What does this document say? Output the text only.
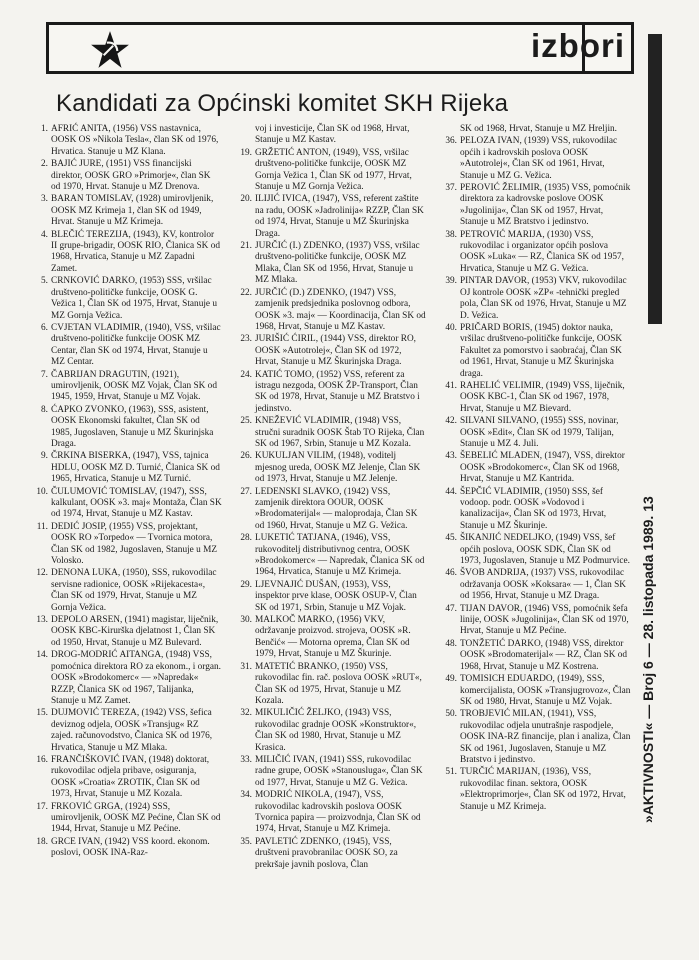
izbori
»AKTIVNOSTI« — Broj 6 — 28. listopada 1989. 13
Kandidati za Općinski komitet SKH Rijeka
1. AFRIĆ ANITA, (1956) VSS nastavnica, OOSK OS »Nikola Tesla«, član SK od 1976, Hrvatica. Stanuje u MZ Klana.
2. BAJIĆ JURE, (1951) VSS financijski direktor, OOSK GRO »Primorje«, član SK od 1970, Hrvat. Stanuje u MZ Drenova.
3. BARAN TOMISLAV, (1928) umirovljenik, OOSK MZ Krimeja 1, član SK od 1949, Hrvat. Stanuje u MZ Krimeja.
4. BLEČIĆ TEREZIJA, (1943), KV, kontrolor II grupe-brigadir, OOSK RIO, Članica SK od 1968, Hrvatica, Stanuje u MZ Zapadni Zamet.
5. CRNKOVIĆ DARKO, (1953) SSS, vršilac društveno-političke funkcije, OOSK G. Vežica 1, Član SK od 1975, Hrvat, Stanuje u MZ Gornja Vežica.
6. CVJETAN VLADIMIR, (1940), VSS, vršilac društveno-političke funkcije OOSK MZ Centar, član SK od 1974, Hrvat, Stanuje u MZ Centar.
7. ČABRIJAN DRAGUTIN, (1921), umirovljenik, OOSK MZ Vojak, Član SK od 1945, 1959, Hrvat, Stanuje u MZ Vojak.
8. ĆAPKO ZVONKO, (1963), SSS, asistent, OOSK Ekonomski fakultet, Član SK od 1985, Jugoslaven, Stanuje u MZ Škurinjska Draga.
9. ČRKINA BISERKA, (1947), VSS, tajnica HDLU, OOSK MZ D. Turnić, Članica SK od 1965, Hrvatica, Stanuje u MZ Turnić.
10. ČULUMOVIĆ TOMISLAV, (1947), SSS, kalkulant, OOSK »3. maj« Montaža, Član SK od 1974, Hrvat, Stanuje u MZ Kastav.
11. DEDIĆ JOSIP, (1955) VSS, projektant, OOSK RO »Torpedo« — Tvornica motora, Član SK od 1982, Jugoslaven, Stanuje u MZ Volosko.
12. DENONA LUKA, (1950), SSS, rukovodilac servisne radionice, OOSK »Rijekacesta«, Član SK od 1979, Hrvat, Stanuje u MZ Gornja Vežica.
13. DEPOLO ARSEN, (1941) magistar, liječnik, OOSK KBC-Kirurška djelatnost 1, Član SK od 1950, Hrvat, Stanuje u MZ Bulevard.
14. DROG-MODRIĆ AITANGA, (1948) VSS, pomoćnica direktora RO za ekonom., i organ. OOSK »Brodokomerc« — »Napredak« RZZP, Članica SK od 1967, Talijanka, Stanuje u MZ Zamet.
15. DUJMOVIĆ TEREZA, (1942) VSS, šefica deviznog odjela, OOSK »Transjug« RZ zajed. računovodstvo, Članica SK od 1976, Hrvatica, Stanuje u MZ Mlaka.
16. FRANČIŠKOVIĆ IVAN, (1948) doktorat, rukovodilac odjela pribave, osiguranja, OOSK »Croatia« ZROTIK, Član SK od 1973, Hrvat, Stanuje u MZ Kozala.
17. FRKOVIĆ GRGA, (1924) SSS, umirovljenik, OOSK MZ Pećine, Član SK od 1944, Hrvat, Stanuje u MZ Pećine.
18. GRCE IVAN, (1942) VSS koord. ekonom. poslovi, OOSK INA-Raz-
voj i investicije, Član SK od 1968, Hrvat, Stanuje u MZ Kastav.
19. GRŽETIĆ ANTON, (1949), VSS, vršilac društveno-političke funkcije, OOSK MZ Gornja Vežica 1, Član SK od 1977, Hrvat, Stanuje u MZ Gornja Vežica.
20. ILIJIĆ IVICA, (1947), VSS, referent zaštite na radu, OOSK »Jadrolinija« RZZP, Član SK od 1974, Hrvat, Stanuje u MZ Škurinjska Draga.
21. JURČIĆ (I.) ZDENKO, (1937) VSS, vršilac društveno-političke funkcije, OOSK MZ Mlaka, Član SK od 1956, Hrvat, Stanuje u MZ Mlaka.
22. JURČIĆ (D.) ZDENKO, (1947) VSS, zamjenik predsjednika poslovnog odbora, OOSK »3. maj« — Koordinacija, Član SK od 1968, Hrvat, Stanuje u MZ Kastav.
23. JURIŠIĆ ĆIRIL, (1944) VSS, direktor RO, OOSK »Autotrolej«, Član SK od 1972, Hrvat, Stanuje u MZ Škurinjska Draga.
24. KATIĆ TOMO, (1952) VSS, referent za istragu nezgoda, OOSK ŽP-Transport, Član SK od 1978, Hrvat, Stanuje u MZ Bratstvo i jedinstvo.
25. KNEŽEVIĆ VLADIMIR, (1948) VSS, stručni suradnik OOSK Štab TO Rijeka, Član SK od 1967, Srbin, Stanuje u MZ Kozala.
26. KUKULJAN VILIM, (1948), voditelj mjesnog ureda, OOSK MZ Jelenje, Član SK od 1973, Hrvat, Stanuje u MZ Jelenje.
27. LEDENSKI SLAVKO, (1942) VSS, zamjenik direktora OOUR, OOSK »Brodomaterijal« — maloprodaja, Član SK od 1960, Hrvat, Stanuje u MZ G. Vežica.
28. LUKETIĆ TATJANA, (1946), VSS, rukovoditelj distributivnog centra, OOSK »Brodokomerc« — Napredak, Članica SK od 1964, Hrvatica, Stanuje u MZ Krimeja.
29. LJEVNAJIĆ DUŠAN, (1953), VSS, inspektor prve klase, OOSK OSUP-V, Član SK od 1971, Srbin, Stanuje u MZ Vojak.
30. MALKOČ MARKO, (1956) VKV, održavanje proizvod. strojeva, OOSK »R. Benčić« — Motorna oprema, Član SK od 1979, Hrvat, Stanuje u MZ Škurinje.
31. MATETIĆ BRANKO, (1950) VSS, rukovodilac fin. rač. poslova OOSK »RUT«, Član SK od 1975, Hrvat, Stanuje u MZ Kozala.
32. MIKULIČIĆ ŽELJKO, (1943) VSS, rukovodilac gradnje OOSK »Konstruktor«, Član SK od 1980, Hrvat, Stanuje u MZ Krasica.
33. MILIČIĆ IVAN, (1941) SSS, rukovodilac radne grupe, OOSK »Stanousluga«, Član SK od 1977, Hrvat, Stanuje u MZ G. Vežica.
34. MODRIĆ NIKOLA, (1947), VSS, rukovodilac kadrovskih poslova OOSK Tvornica papira — proizvodnja, Član SK od 1974, Hrvat, Stanuje u MZ Krimeja.
35. PAVLETIĆ ZDENKO, (1945), VSS, društveni pravobranilac OOSK SO, za prekršaje javnih poslova, Član
SK od 1968, Hrvat, Stanuje u MZ Hreljin.
36. PELOZA IVAN, (1939) VSS, rukovodilac općih i kadrovskih poslova OOSK »Autotrolej«, Član SK od 1961, Hrvat, Stanuje u MZ G. Vežica.
37. PEROVIĆ ŽELIMIR, (1935) VSS, pomoćnik direktora za kadrovske poslove OOSK »Jugolinija«, Član SK od 1957, Hrvat, Stanuje u MZ Bratstvo i jedinstvo.
38. PETROVIĆ MARIJA, (1930) VSS, rukovodilac i organizator općih poslova OOSK »Luka« — RZ, Članica SK od 1957, Hrvatica, Stanuje u MZ G. Vežica.
39. PINTAR DAVOR, (1953) VKV, rukovodilac OJ kontrole OOSK »ZP« -tehnički pregled pola, Član SK od 1976, Hrvat, Stanuje u MZ D. Vežica.
40. PRIČARD BORIS, (1945) doktor nauka, vršilac društveno-političke funkcije, OOSK Fakultet za pomorstvo i saobraćaj, Član SK od 1961, Hrvat, Stanuje u MZ Škurinjska draga.
41. RAHELIĆ VELIMIR, (1949) VSS, liječnik, OOSK KBC-1, Član SK od 1967, 1978, Hrvat, Stanuje u MZ Bievard.
42. SILVANI SILVANO, (1955) SSS, novinar, OOSK »Edit«, Član SK od 1979, Talijan, Stanuje u MZ 4. Juli.
43. ŠEBELIĆ MLADEN, (1947), VSS, direktor OOSK »Brodokomerc«, Član SK od 1968, Hrvat, Stanuje u MZ Kantrida.
44. ŠEPČIĆ VLADIMIR, (1950) SSS, šef vodoop. podr. OOSK »Vodovod i kanalizacija«, Član SK od 1973, Hrvat, Stanuje u MZ Škurinje.
45. ŠIKANJIĆ NEDELJKO, (1949) VSS, šef općih poslova, OOSK SDK, Član SK od 1973, Jugoslaven, Stanuje u MZ Podmurvice.
46. ŠVOB ANDRIJA, (1937) VSS, rukovodilac održavanja OOSK »Koksara« — 1, Član SK od 1956, Hrvat, Stanuje u MZ Draga.
47. TIJAN DAVOR, (1946) VSS, pomoćnik šefa linije, OOSK »Jugolinija«, Član SK od 1970, Hrvat, Stanuje u MZ Pećine.
48. TONŽETIĆ DARKO, (1948) VSS, direktor OOSK »Brodomaterijal« — RZ, Član SK od 1968, Hrvat, Stanuje u MZ Kostrena.
49. TOMISICH EDUARDO, (1949), SSS, komercijalista, OOSK »Transjugrovoz«, Član SK od 1980, Hrvat, Stanuje u MZ Vojak.
50. TROBJEVIĆ MILAN, (1941), VSS, rukovodilac odjela unutrašnje raspodjele, OOSK INA-RZ financije, plan i analiza, Član SK od 1961, Jugoslaven, Stanuje u MZ Bratstvo i jedinstvo.
51. TURČIĆ MARIJAN, (1936), VSS, rukovodilac finan. sektora, OOSK »Elektroprimorje«, Član SK od 1972, Hrvat, Stanuje u MZ Krimeja.
